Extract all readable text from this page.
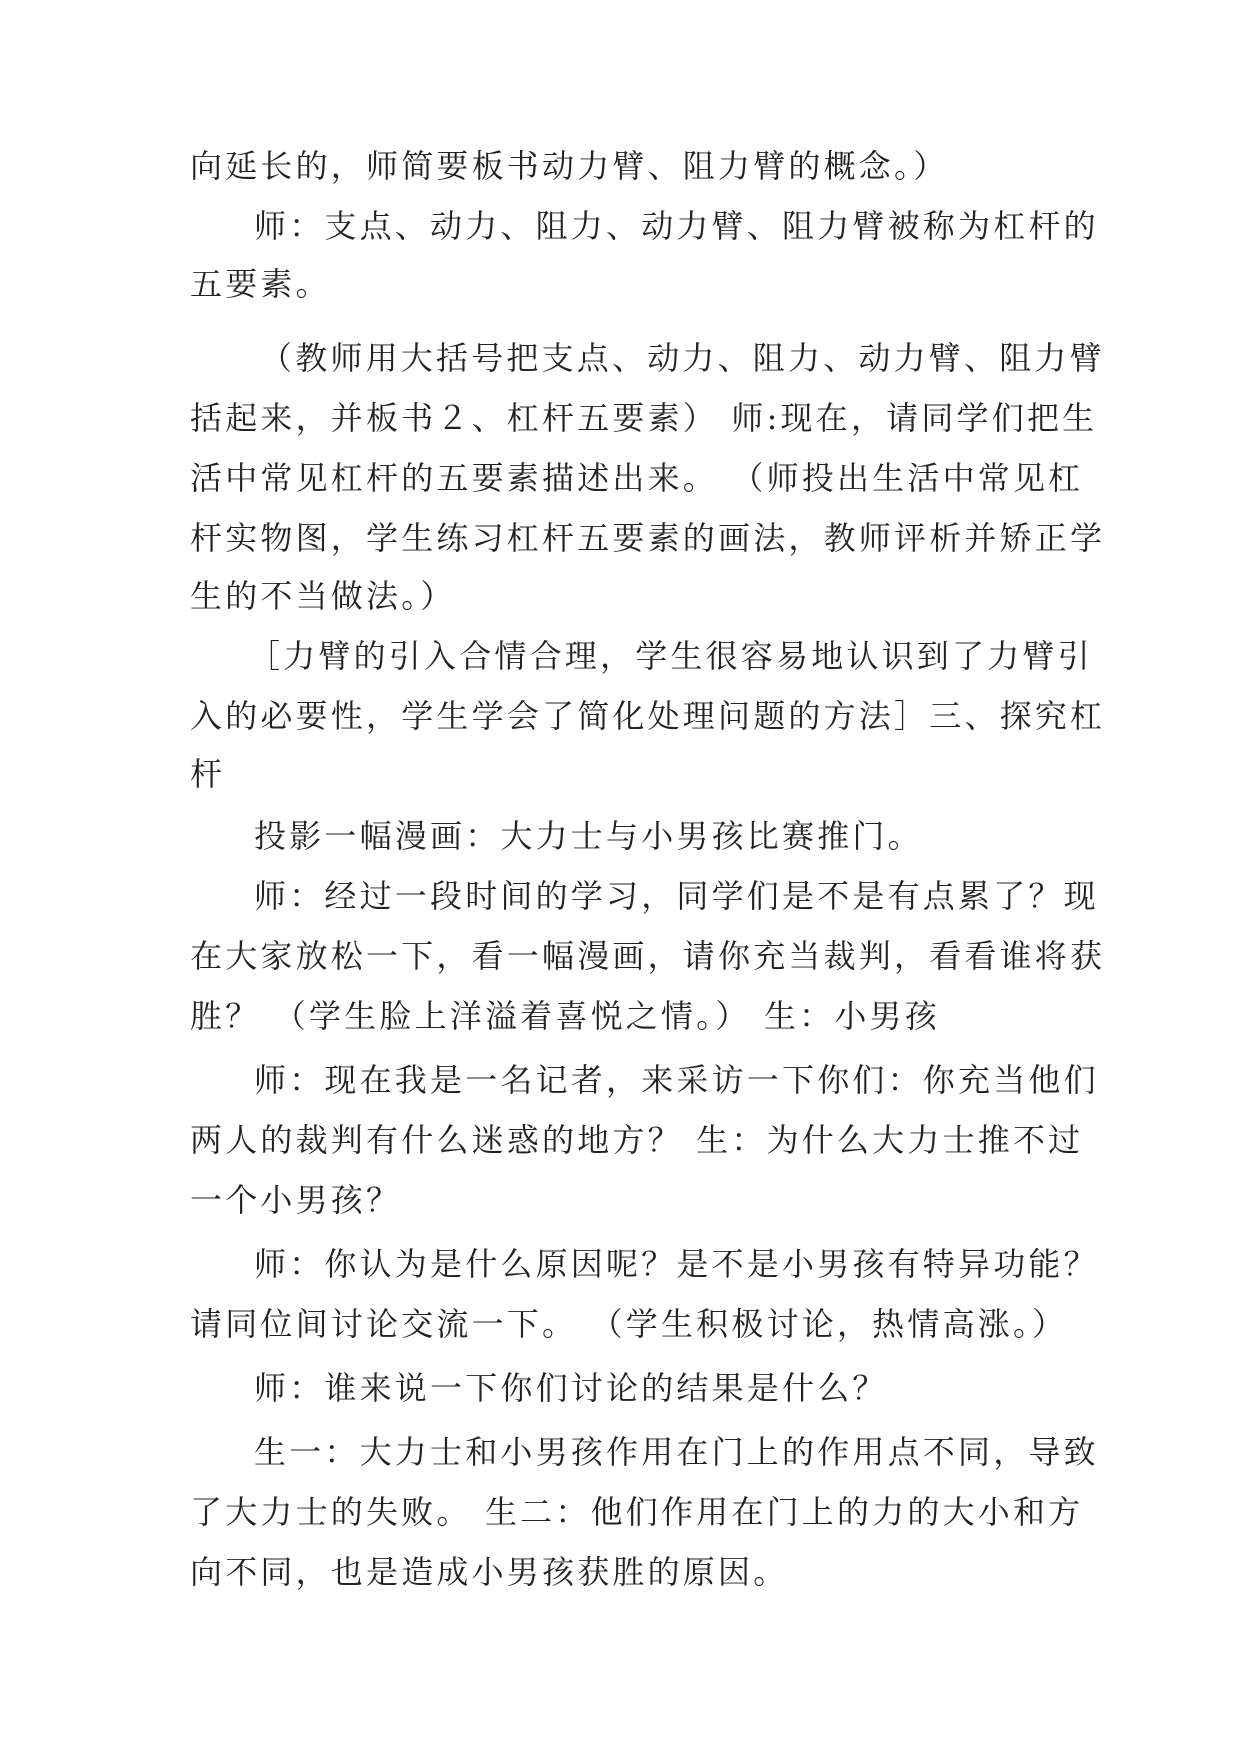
向延长的，师简要板书动力臂、阻力臂的概念。）
师：支点、动力、阻力、动力臂、阻力臂被称为杠杆的
五要素。
（教师用大括号把支点、动力、阻力、动力臂、阻力臂
括起来，并板书２、杠杆五要素） 师:现在，请同学们把生
活中常见杠杆的五要素描述出来。 （师投出生活中常见杠
杆实物图，学生练习杠杆五要素的画法，教师评析并矫正学
生的不当做法。）
［力臂的引入合情合理，学生很容易地认识到了力臂引
入的必要性，学生学会了简化处理问题的方法］三、探究杠
杆
投影一幅漫画：大力士与小男孩比赛推门。
师：经过一段时间的学习，同学们是不是有点累了？现
在大家放松一下，看一幅漫画，请你充当裁判，看看谁将获
胜？ （学生脸上洋溢着喜悦之情。） 生：小男孩
师：现在我是一名记者，来采访一下你们：你充当他们
两人的裁判有什么迷惑的地方？ 生：为什么大力士推不过
一个小男孩？
师：你认为是什么原因呢？是不是小男孩有特异功能？
请同位间讨论交流一下。 （学生积极讨论，热情高涨。）
师：谁来说一下你们讨论的结果是什么？
生一：大力士和小男孩作用在门上的作用点不同，导致
了大力士的失败。 生二：他们作用在门上的力的大小和方
向不同，也是造成小男孩获胜的原因。
